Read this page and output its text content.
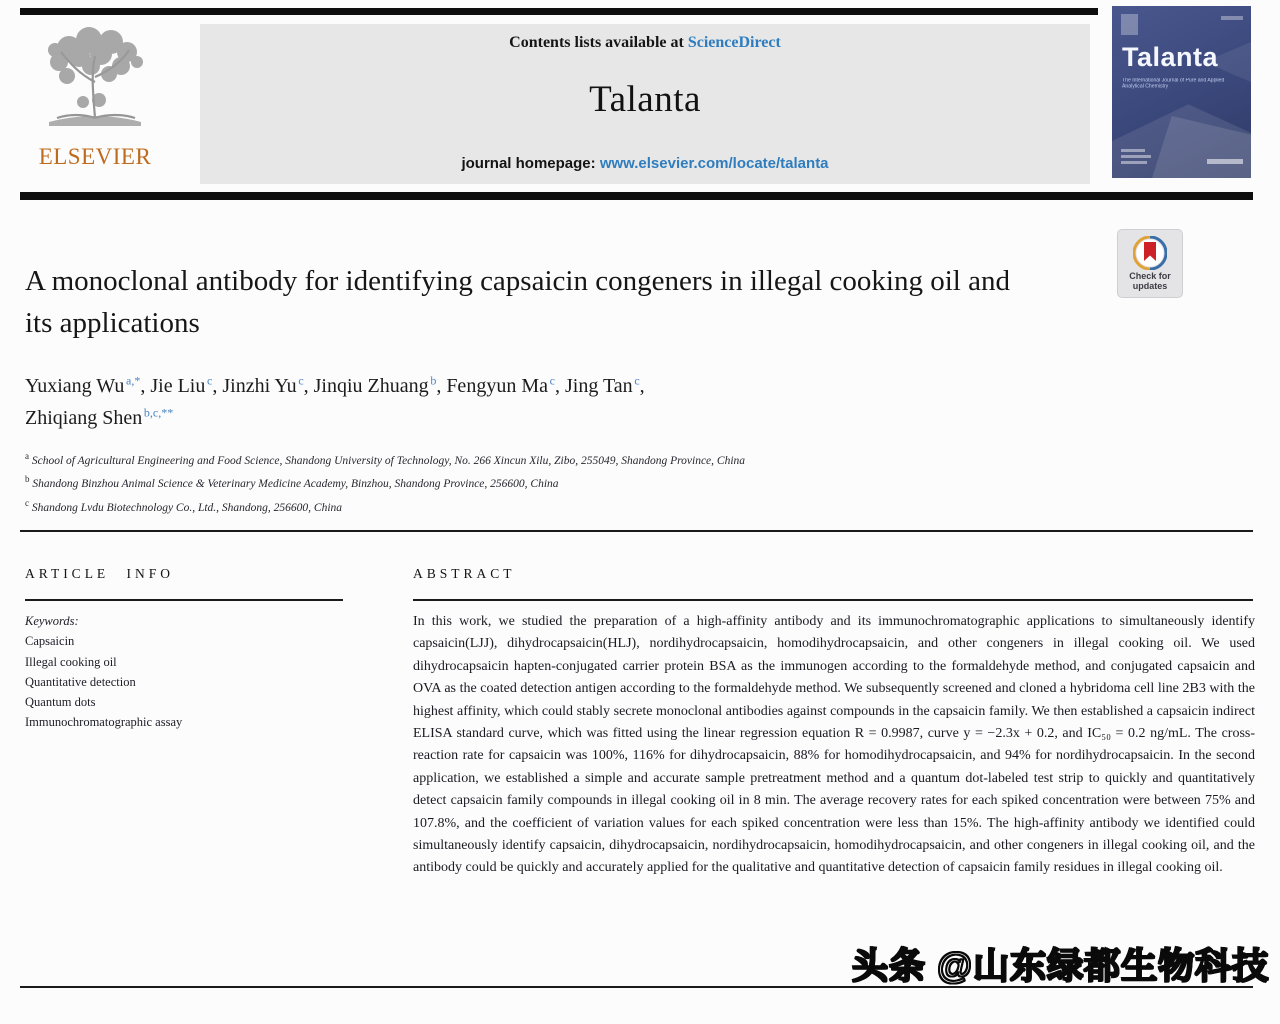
ELSEVIER
Contents lists available at ScienceDirect
Talanta
journal homepage: www.elsevier.com/locate/talanta
Talanta
The International Journal of Pure and Applied Analytical Chemistry
Check for
updates
A monoclonal antibody for identifying capsaicin congeners in illegal cooking oil and its applications

Yuxiang Wu  $^{a,*}$, Jie Liu  $^c$, Jinzhi Yu  $^c$, Jinqiu Zhuang  $^b$, Fengyun Ma  $^c$, Jing Tan  $^c$,
Zhiqiang Shen  $^{b,c,**}$

$^a$ School of Agricultural Engineering and Food Science, Shandong University of Technology, No. 266 Xincun Xilu, Zibo, 255049, Shandong Province, China
$^b$ Shandong Binzhou Animal Science & Veterinary Medicine Academy, Binzhou, Shandong Province, 256600, China
$^c$ Shandong Lvdu Biotechnology Co., Ltd., Shandong, 256600, China
ARTICLE INFO
Keywords:
Capsaicin
Illegal cooking oil
Quantitative detection
Quantum dots
Immunochromatographic assay
ABSTRACT
In this work, we studied the preparation of a high-affinity antibody and its immunochromatographic applications to simultaneously identify capsaicin(LJJ), dihydrocapsaicin(HLJ), nordihydrocapsaicin, homodihydrocapsaicin, and other congeners in illegal cooking oil. We used dihydrocapsaicin hapten-conjugated carrier protein BSA as the immunogen according to the formaldehyde method, and conjugated capsaicin and OVA as the coated detection antigen according to the formaldehyde method. We subsequently screened and cloned a hybridoma cell line 2B3 with the highest affinity, which could stably secrete monoclonal antibodies against compounds in the capsaicin family. We then established a capsaicin indirect ELISA standard curve, which was fitted using the linear regression equation R = 0.9987, curve y = −2.3x + 0.2, and IC₅₀ = 0.2 ng/mL. The cross-reaction rate for capsaicin was 100%, 116% for dihydrocapsaicin, 88% for homodihydrocapsaicin, and 94% for nordihydrocapsaicin. In the second application, we established a simple and accurate sample pretreatment method and a quantum dot-labeled test strip to quickly and quantitatively detect capsaicin family compounds in illegal cooking oil in 8 min. The average recovery rates for each spiked concentration were between 75% and 107.8%, and the coefficient of variation values for each spiked concentration were less than 15%. The high-affinity antibody we identified could simultaneously identify capsaicin, dihydrocapsaicin, nordihydrocapsaicin, homodihydrocapsaicin, and other congeners in illegal cooking oil, and the antibody could be quickly and accurately applied for the qualitative and quantitative detection of capsaicin family residues in illegal cooking oil.
头条 @山东绿都生物科技
